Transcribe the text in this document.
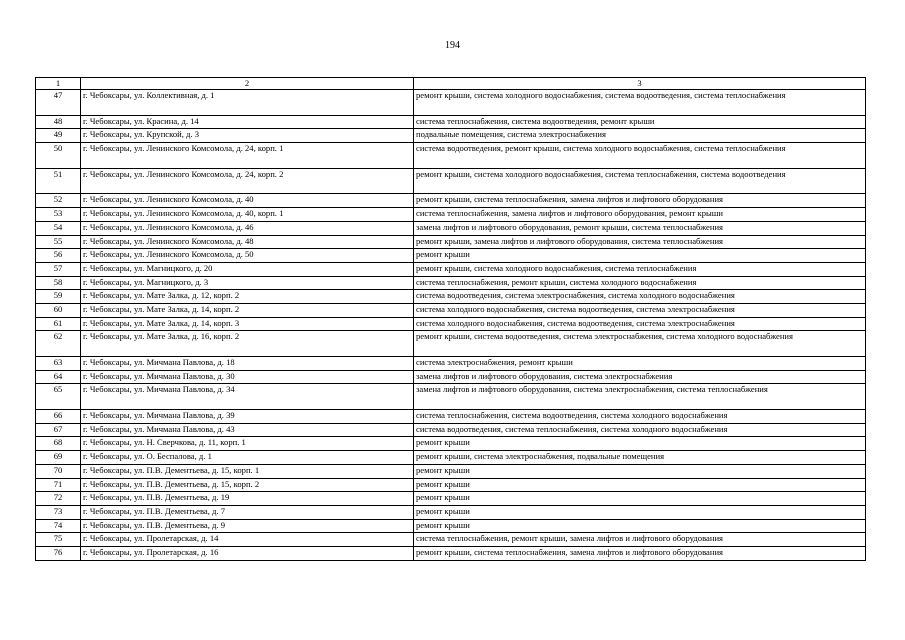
194
1	2	3
47	г. Чебоксары, ул. Коллективная, д. 1	ремонт крыши, система холодного водоснабжения, система водоотведения, система теплоснабжения
48	г. Чебоксары, ул. Красина, д. 14	система теплоснабжения, система водоотведения, ремонт крыши
49	г. Чебоксары, ул. Крупской, д. 3	подвальные помещения, система электроснабжения
50	г. Чебоксары, ул. Ленинского Комсомола, д. 24, корп. 1	система водоотведения, ремонт крыши, система холодного водоснабжения, система теплоснабжения
51	г. Чебоксары, ул. Ленинского Комсомола, д. 24, корп. 2	ремонт крыши, система холодного водоснабжения, система теплоснабжения, система водоотведения
52	г. Чебоксары, ул. Ленинского Комсомола, д. 40	ремонт крыши, система теплоснабжения, замена лифтов и лифтового оборудования
53	г. Чебоксары, ул. Ленинского Комсомола, д. 40, корп. 1	система теплоснабжения, замена лифтов и лифтового оборудования, ремонт крыши
54	г. Чебоксары, ул. Ленинского Комсомола, д. 46	замена лифтов и лифтового оборудования, ремонт крыши, система теплоснабжения
55	г. Чебоксары, ул. Ленинского Комсомола, д. 48	ремонт крыши, замена лифтов и лифтового оборудования, система теплоснабжения
56	г. Чебоксары, ул. Ленинского Комсомола, д. 50	ремонт крыши
57	г. Чебоксары, ул. Магницкого, д. 20	ремонт крыши, система холодного водоснабжения, система теплоснабжения
58	г. Чебоксары, ул. Магницкого, д. 3	система теплоснабжения, ремонт крыши, система холодного водоснабжения
59	г. Чебоксары, ул. Мате Залка, д. 12, корп. 2	система водоотведения, система электроснабжения, система холодного водоснабжения
60	г. Чебоксары, ул. Мате Залка, д. 14, корп. 2	система холодного водоснабжения, система водоотведения, система электроснабжения
61	г. Чебоксары, ул. Мате Залка, д. 14, корп. 3	система холодного водоснабжения, система водоотведения, система электроснабжения
62	г. Чебоксары, ул. Мате Залка, д. 16, корп. 2	ремонт крыши, система водоотведения, система электроснабжения, система холодного водоснабжения
63	г. Чебоксары, ул. Мичмана Павлова, д. 18	система электроснабжения, ремонт крыши
64	г. Чебоксары, ул. Мичмана Павлова, д. 30	замена лифтов и лифтового оборудования, система электроснабжения
65	г. Чебоксары, ул. Мичмана Павлова, д. 34	замена лифтов и лифтового оборудования, система электроснабжения, система теплоснабжения
66	г. Чебоксары, ул. Мичмана Павлова, д. 39	система теплоснабжения, система водоотведения, система холодного водоснабжения
67	г. Чебоксары, ул. Мичмана Павлова, д. 43	система водоотведения, система теплоснабжения, система холодного водоснабжения
68	г. Чебоксары, ул. Н. Сверчкова, д. 11, корп. 1	ремонт крыши
69	г. Чебоксары, ул. О. Беспалова, д. 1	ремонт крыши, система электроснабжения, подвальные помещения
70	г. Чебоксары, ул. П.В. Дементьева, д. 15, корп. 1	ремонт крыши
71	г. Чебоксары, ул. П.В. Дементьева, д. 15, корп. 2	ремонт крыши
72	г. Чебоксары, ул. П.В. Дементьева, д. 19	ремонт крыши
73	г. Чебоксары, ул. П.В. Дементьева, д. 7	ремонт крыши
74	г. Чебоксары, ул. П.В. Дементьева, д. 9	ремонт крыши
75	г. Чебоксары, ул. Пролетарская, д. 14	система теплоснабжения, ремонт крыши, замена лифтов и лифтового оборудования
76	г. Чебоксары, ул. Пролетарская, д. 16	ремонт крыши, система теплоснабжения, замена лифтов и лифтового оборудования
